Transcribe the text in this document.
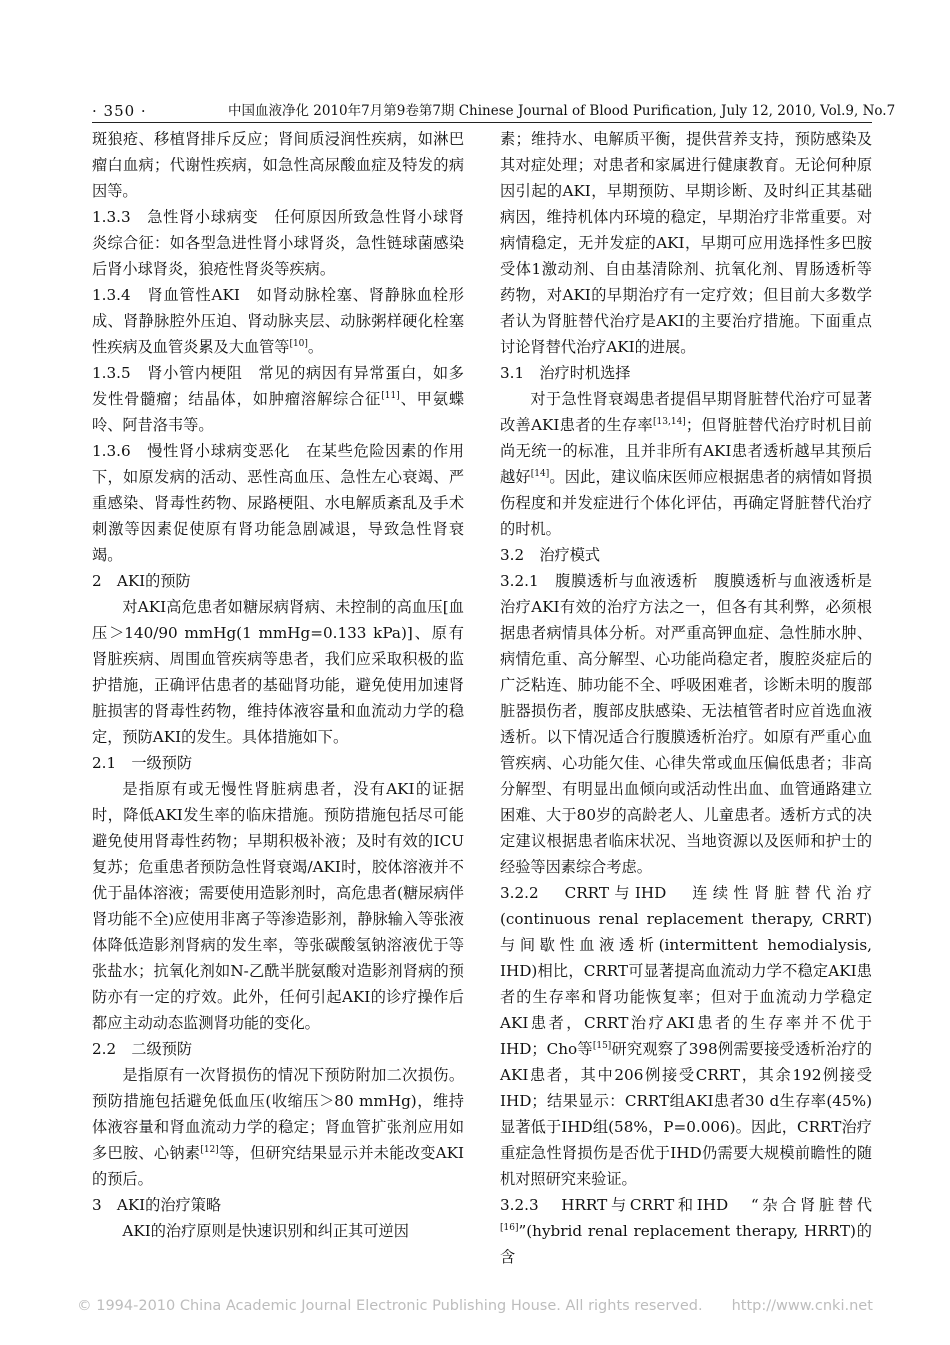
· 350 ·	中国血液净化 2010年7月第9卷第7期 Chinese Journal of Blood Purification, July 12, 2010, Vol.9, No.7

斑狼疮、移植肾排斥反应；肾间质浸润性疾病，如淋巴瘤白血病；代谢性疾病，如急性高尿酸血症及特发的病因等。

1.3.3　急性肾小球病变　任何原因所致急性肾小球肾炎综合征：如各型急进性肾小球肾炎，急性链球菌感染后肾小球肾炎，狼疮性肾炎等疾病。

1.3.4　肾血管性AKI　如肾动脉栓塞、肾静脉血栓形成、肾静脉腔外压迫、肾动脉夹层、动脉粥样硬化栓塞性疾病及血管炎累及大血管等[10]。

1.3.5　肾小管内梗阻　常见的病因有异常蛋白，如多发性骨髓瘤；结晶体，如肿瘤溶解综合征[11]、甲氨蝶呤、阿昔洛韦等。

1.3.6　慢性肾小球病变恶化　在某些危险因素的作用下，如原发病的活动、恶性高血压、急性左心衰竭、严重感染、肾毒性药物、尿路梗阻、水电解质紊乱及手术刺激等因素促使原有肾功能急剧减退，导致急性肾衰竭。

2　AKI的预防

对AKI高危患者如糖尿病肾病、未控制的高血压[血压＞140/90 mmHg(1 mmHg=0.133 kPa)]、原有肾脏疾病、周围血管疾病等患者，我们应采取积极的监护措施，正确评估患者的基础肾功能，避免使用加速肾脏损害的肾毒性药物，维持体液容量和血流动力学的稳定，预防AKI的发生。具体措施如下。

2.1　一级预防

是指原有或无慢性肾脏病患者，没有AKI的证据时，降低AKI发生率的临床措施。预防措施包括尽可能避免使用肾毒性药物；早期积极补液；及时有效的ICU复苏；危重患者预防急性肾衰竭/AKI时，胶体溶液并不优于晶体溶液；需要使用造影剂时，高危患者(糖尿病伴肾功能不全)应使用非离子等渗造影剂，静脉输入等张液体降低造影剂肾病的发生率，等张碳酸氢钠溶液优于等张盐水；抗氧化剂如N-乙酰半胱氨酸对造影剂肾病的预防亦有一定的疗效。此外，任何引起AKI的诊疗操作后都应主动动态监测肾功能的变化。

2.2　二级预防

是指原有一次肾损伤的情况下预防附加二次损伤。预防措施包括避免低血压(收缩压＞80 mmHg)，维持体液容量和肾血流动力学的稳定；肾血管扩张剂应用如多巴胺、心钠素[12]等，但研究结果显示并未能改变AKI的预后。

3　AKI的治疗策略

AKI的治疗原则是快速识别和纠正其可逆因

素；维持水、电解质平衡，提供营养支持，预防感染及其对症处理；对患者和家属进行健康教育。无论何种原因引起的AKI，早期预防、早期诊断、及时纠正其基础病因，维持机体内环境的稳定，早期治疗非常重要。对病情稳定，无并发症的AKI，早期可应用选择性多巴胺受体1激动剂、自由基清除剂、抗氧化剂、胃肠透析等药物，对AKI的早期治疗有一定疗效；但目前大多数学者认为肾脏替代治疗是AKI的主要治疗措施。下面重点讨论肾替代治疗AKI的进展。

3.1　治疗时机选择

对于急性肾衰竭患者提倡早期肾脏替代治疗可显著改善AKI患者的生存率[13,14]；但肾脏替代治疗时机目前尚无统一的标准，且并非所有AKI患者透析越早其预后越好[14]。因此，建议临床医师应根据患者的病情如肾损伤程度和并发症进行个体化评估，再确定肾脏替代治疗的时机。

3.2　治疗模式

3.2.1　腹膜透析与血液透析　腹膜透析与血液透析是治疗AKI有效的治疗方法之一，但各有其利弊，必须根据患者病情具体分析。对严重高钾血症、急性肺水肿、病情危重、高分解型、心功能尚稳定者，腹腔炎症后的广泛粘连、肺功能不全、呼吸困难者，诊断未明的腹部脏器损伤者，腹部皮肤感染、无法植管者时应首选血液透析。以下情况适合行腹膜透析治疗。如原有严重心血管疾病、心功能欠佳、心律失常或血压偏低患者；非高分解型、有明显出血倾向或活动性出血、血管通路建立困难、大于80岁的高龄老人、儿童患者。透析方式的决定建议根据患者临床状况、当地资源以及医师和护士的经验等因素综合考虑。

3.2.2　CRRT与IHD　连续性肾脏替代治疗(continuous renal replacement therapy, CRRT)与间歇性血液透析(intermittent hemodialysis, IHD)相比，CRRT可显著提高血流动力学不稳定AKI患者的生存率和肾功能恢复率；但对于血流动力学稳定AKI患者，CRRT治疗AKI患者的生存率并不优于IHD；Cho等[15]研究观察了398例需要接受透析治疗的AKI患者，其中206例接受CRRT，其余192例接受IHD；结果显示：CRRT组AKI患者30 d生存率(45%)显著低于IHD组(58%，P=0.006)。因此，CRRT治疗重症急性肾损伤是否优于IHD仍需要大规模前瞻性的随机对照研究来验证。

3.2.3　HRRT与CRRT和IHD　“杂合肾脏替代[16]”(hybrid renal replacement therapy, HRRT)的含

© 1994-2010 China Academic Journal Electronic Publishing House. All rights reserved.　　http://www.cnki.net
